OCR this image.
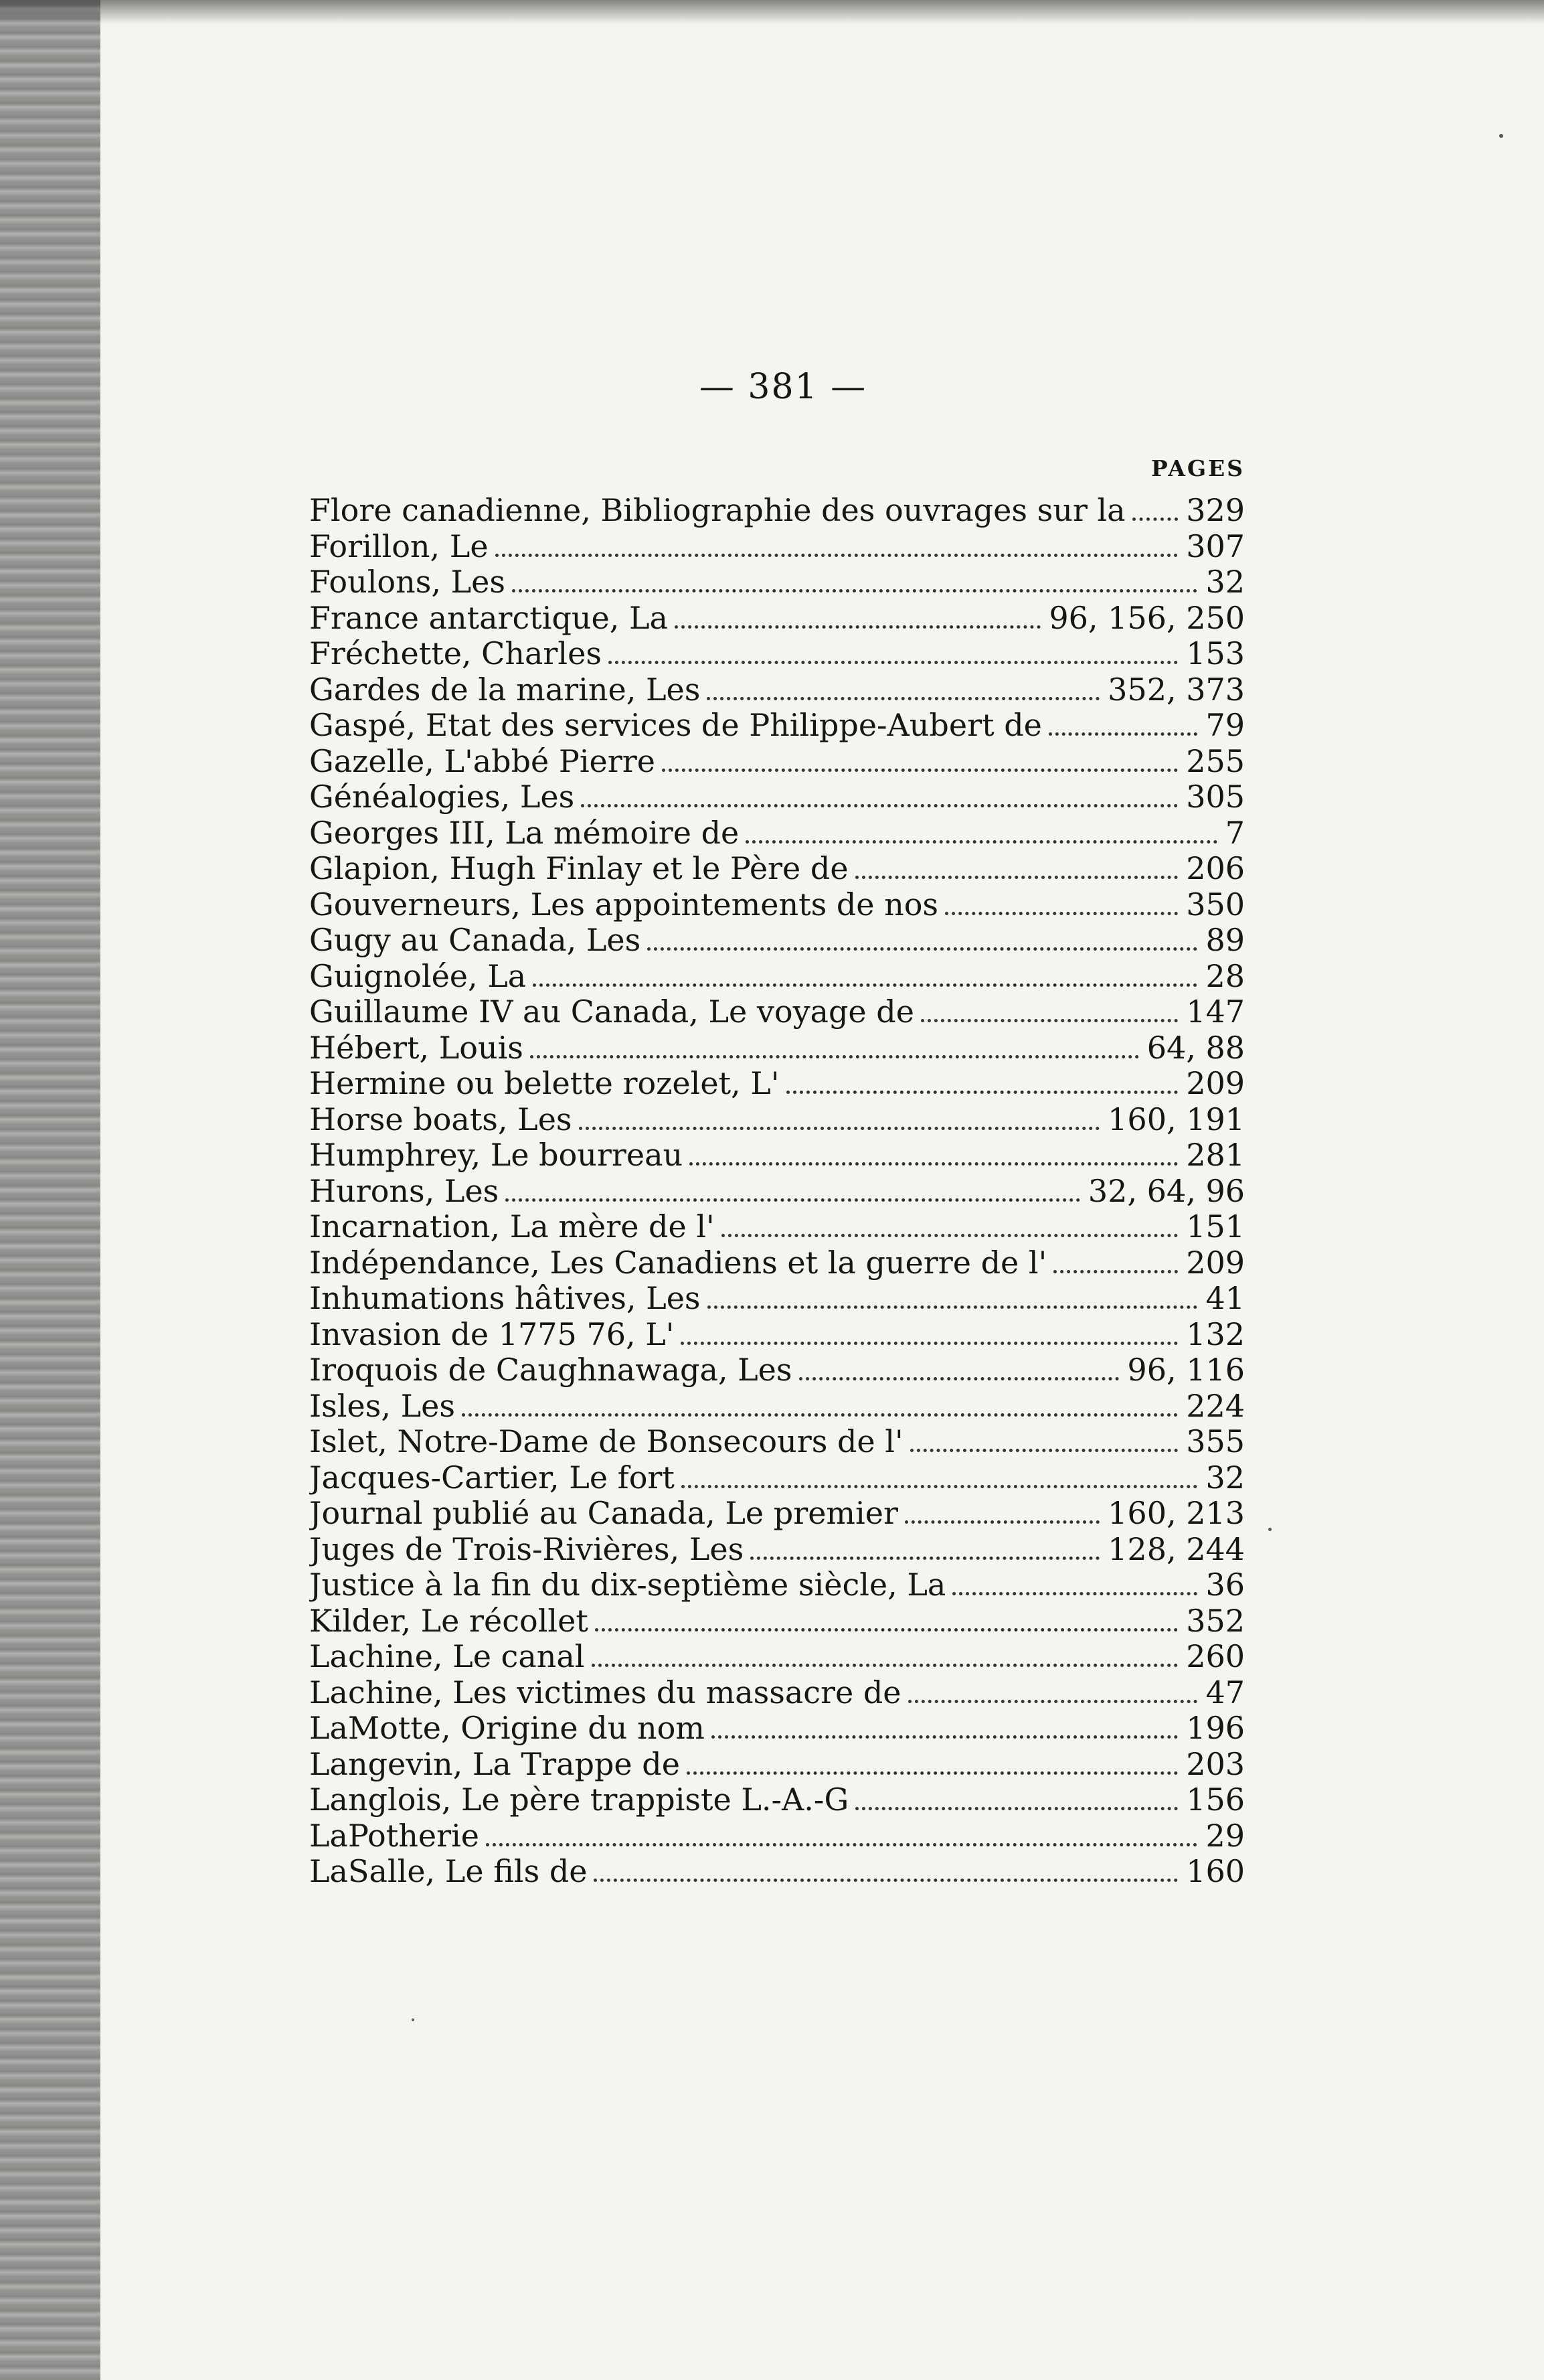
— 381 —
PAGES
Flore canadienne, Bibliographie des ouvrages sur la 329
Forillon, Le	307
Foulons, Les	32
France antarctique, La	96, 156, 250
Fréchette, Charles	153
Gardes de la marine, Les	352, 373
Gaspé, Etat des services de Philippe-Aubert de	79
Gazelle, L'abbé Pierre	255
Généalogies, Les	305
Georges III, La mémoire de	7
Glapion, Hugh Finlay et le Père de	206
Gouverneurs, Les appointements de nos	350
Gugy au Canada, Les	89
Guignolée, La	28
Guillaume IV au Canada, Le voyage de	147
Hébert, Louis	64, 88
Hermine ou belette rozelet, L'	209
Horse boats, Les	160, 191
Humphrey, Le bourreau	281
Hurons, Les	32, 64, 96
Incarnation, La mère de l'	151
Indépendance, Les Canadiens et la guerre de l'	209
Inhumations hâtives, Les	41
Invasion de 1775 76, L'	132
Iroquois de Caughnawaga, Les	96, 116
Isles, Les	224
Islet, Notre-Dame de Bonsecours de l'	355
Jacques-Cartier, Le fort	32
Journal publié au Canada, Le premier	160, 213
Juges de Trois-Rivières, Les	128, 244
Justice à la fin du dix-septième siècle, La	36
Kilder, Le récollet	352
Lachine, Le canal	260
Lachine, Les victimes du massacre de	47
LaMotte, Origine du nom	196
Langevin, La Trappe de	203
Langlois, Le père trappiste L.-A.-G	156
LaPotherie	29
LaSalle, Le fils de	160
